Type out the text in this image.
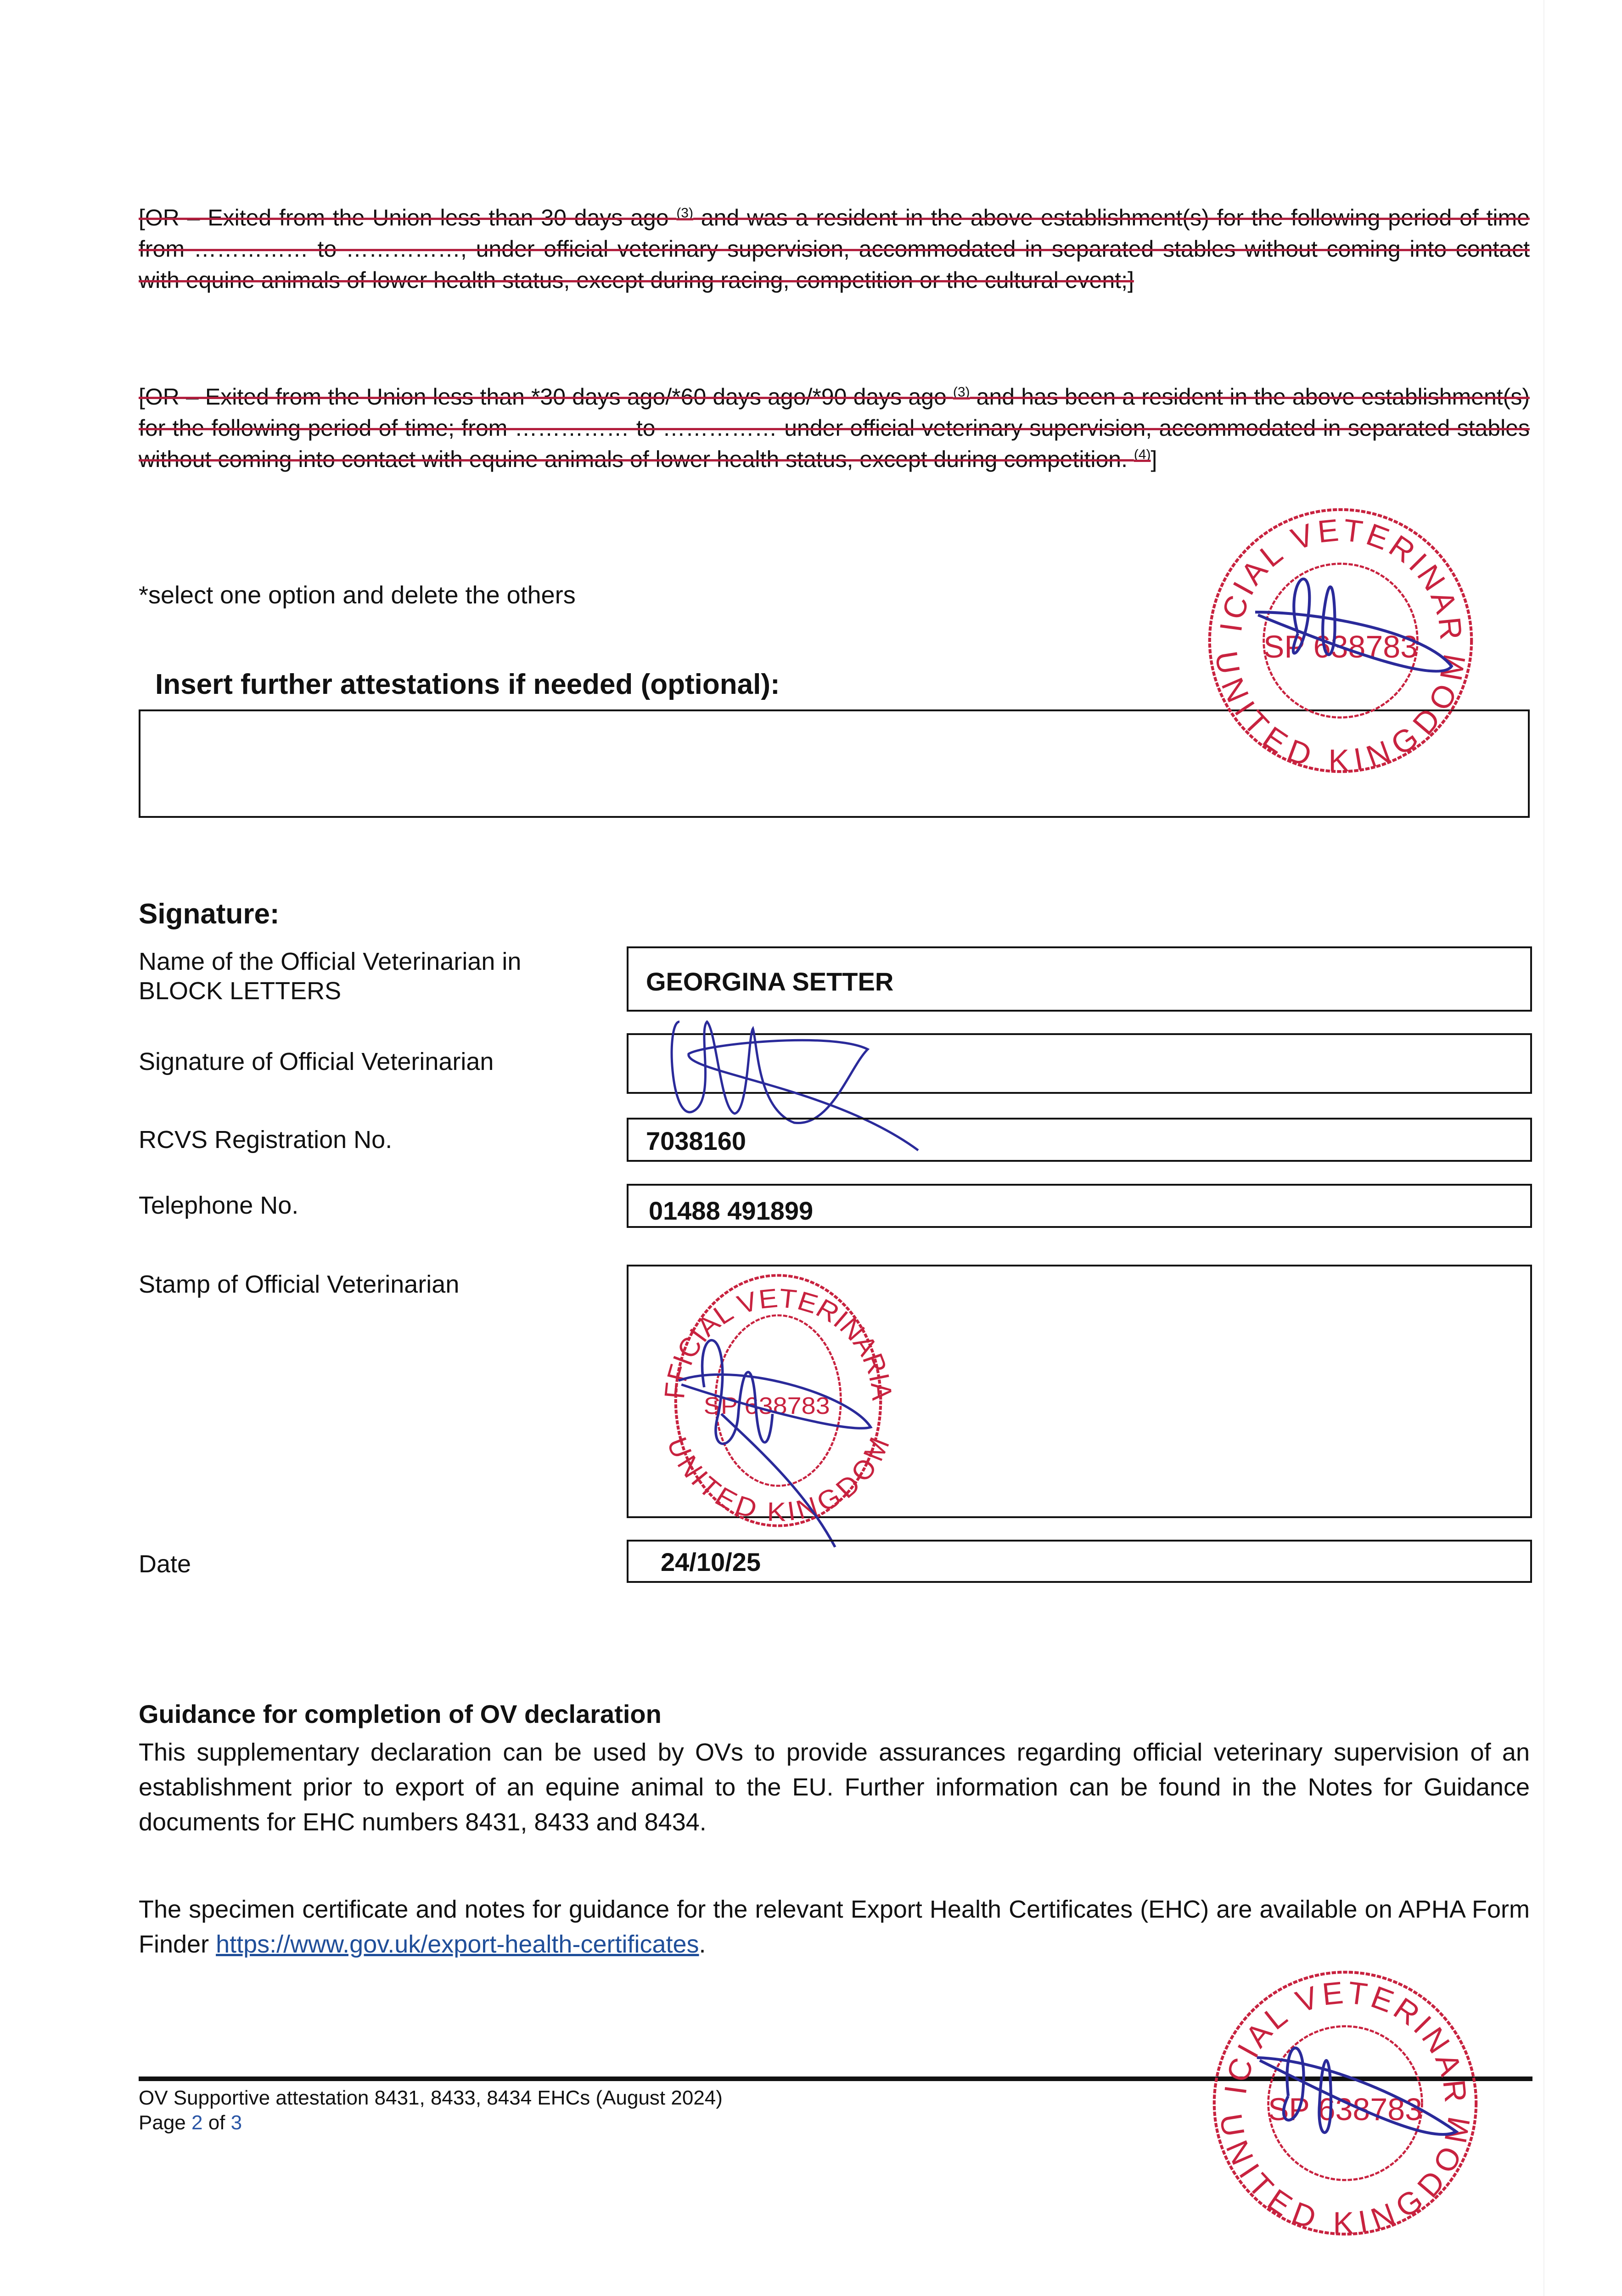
[OR – Exited from the Union less than 30 days ago $^{(3)}$ and was a resident in the above establishment(s) for the following period of time from …………… to ……………, under official veterinary supervision, accommodated in separated stables without coming into contact with equine animals of lower health status, except during racing, competition or the cultural event;]

[OR – Exited from the Union less than *30 days ago/*60 days ago/*90 days ago $^{(3)}$ and has been a resident in the above establishment(s) for the following period of time; from …………… to …………… under official veterinary supervision, accommodated in separated stables without coming into contact with equine animals of lower health status, except during competition. $^{(4)}$]

*select one option and delete the others
Insert further attestations if needed (optional):
OFFICIAL VETERINARIAN
UNITED KINGDOM
SP 638783
Signature:
Name of the Official Veterinarian in BLOCK LETTERS	GEORGINA SETTER
Signature of Official Veterinarian
RCVS Registration No.	7038160
Telephone No.	01488 491899
Stamp of Official Veterinarian
OFFICIAL VETERINARIAN
UNITED KINGDOM
SP 638783
Date	24/10/25
Guidance for completion of OV declaration

This supplementary declaration can be used by OVs to provide assurances regarding official veterinary supervision of an establishment prior to export of an equine animal to the EU. Further information can be found in the Notes for Guidance documents for EHC numbers 8431, 8433 and 8434.

The specimen certificate and notes for guidance for the relevant Export Health Certificates (EHC) are available on APHA Form Finder https://www.gov.uk/export-health-certificates.

OV Supportive attestation 8431, 8433, 8434 EHCs (August 2024)
Page 2 of 3
OFFICIAL VETERINARIAN
UNITED KINGDOM
SP 638783
